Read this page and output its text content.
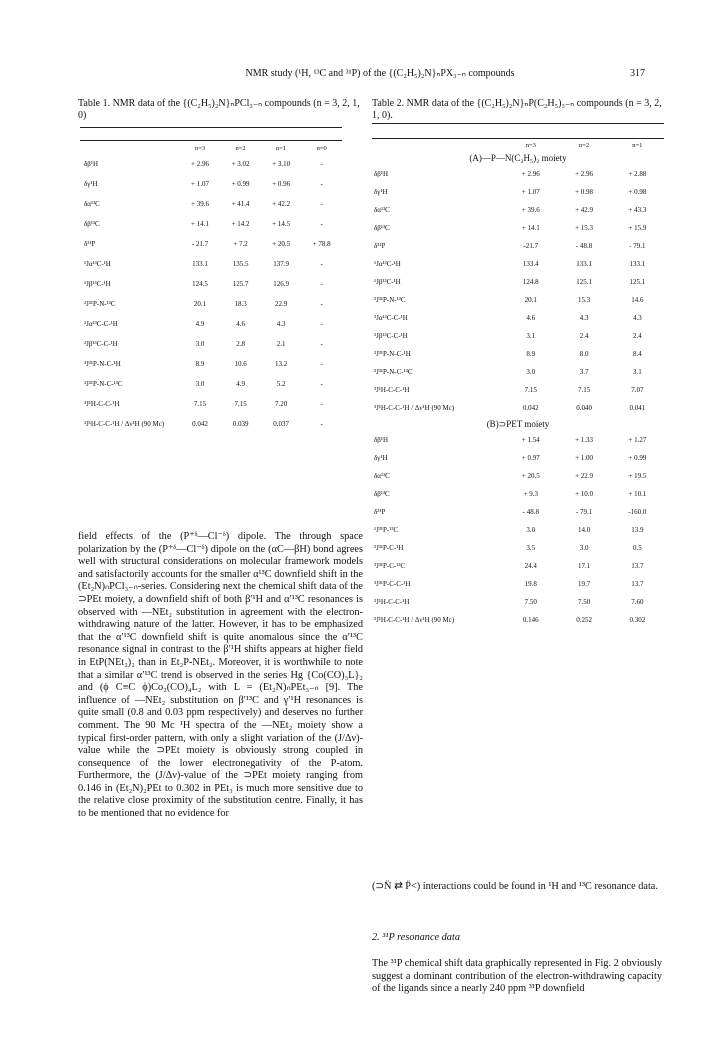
NMR study (¹H, ¹³C and ³¹P) of the {(C₂H₅)₂N}ₙPX₃₋ₙ compounds	317
Table 1. NMR data of the {(C₂H₅)₂N}ₙPCl₃₋ₙ compounds (n = 3, 2, 1, 0)
Table 2. NMR data of the {(C₂H₅)₂N}ₙP(C₂H₅)₃₋ₙ compounds (n = 3, 2, 1, 0).
	n=3	n=2	n=1	n=0
δβ¹H	+ 2.96	+ 3.02	+ 3.10	-
δγ¹H	+ 1.07	+ 0.99	+ 0.96	-
δα¹³C	+ 39.6	+ 41.4	+ 42.2	-
δβ¹³C	+ 14.1	+ 14.2	+ 14.5	-
δ³¹P	- 21.7	+ 7.2	+ 20.5	+ 78.8
¹Jα¹³C-¹H	133.1	135.5	137.9	-
¹Jβ¹³C-¹H	124.5	125.7	126.9	-
²J³¹P-N-¹³C	20.1	18.3	22.9	-
²Jα¹³C-C-¹H	4.9	4.6	4.3	-
²Jβ¹³C-C-¹H	3.0	2.8	2.1	-
³J³¹P-N-C-¹H	8.9	10.6	13.2	-
³J³¹P-N-C-¹³C	3.0	4.9	5.2	-
³J¹H-C-C-¹H	7.15	7.15	7.20	-
³J¹H-C-C-¹H / Δν¹H (90 Mc)	0.042	0.039	0.037	-
	n=3	n=2	n=1
(A)—P—N(C₂H₅)₂ moiety			
δβ¹H	+ 2.96	+ 2.96	+ 2.88
δγ¹H	+ 1.07	+ 0.98	+ 0.98
δα¹³C	+ 39.6	+ 42.9	+ 43.3
δβ¹³C	+ 14.1	+ 15.3	+ 15.9
δ³¹P	-21.7	- 48.8	- 79.1
¹Jα¹³C-¹H	133.4	133.1	133.1
¹Jβ¹³C-¹H	124.8	125.1	125.1
²J³¹P-N-¹³C	20.1	15.3	14.6
²Jα¹³C-C-¹H	4.6	4.3	4.3
²Jβ¹³C-C-¹H	3.1	2.4	2.4
³J³¹P-N-C-¹H	8.9	8.0	8.4
³J³¹P-N-C-¹³C	3.0	3.7	3.1
³J¹H-C-C-¹H	7.15	7.15	7.07
³J¹H-C-C-¹H / Δν¹H (90 Mc)	0.042	0.040	0.041
(B)⊃PET moiety			
δβ¹H	+ 1.54	+ 1.33	+ 1.27
δγ¹H	+ 0.97	+ 1.00	+ 0.99
δα¹³C	+ 20.5	+ 22.9	+ 19.5
δβ¹³C	+ 9.3	+ 10.0	+ 10.1
δ³¹P	- 48.8	- 79.1	-160.0
¹J³¹P-¹³C	3.0	14.0	13.9
²J³¹P-C-¹H	3.5	3.0	0.5
²J³¹P-C-¹³C	24.4	17.1	13.7
³J³¹P-C-C-¹H	19.8	19.7	13.7
³J¹H-C-C-¹H	7.50	7.50	7.60
³J¹H-C-C-¹H / Δν¹H (90 Mc)	0.146	0.252	0.302
field effects of the (P⁺ᵟ—Cl⁻ᵟ) dipole. The through space polarization by the (P⁺ᵟ—Cl⁻ᵟ) dipole on the (αC—βH) bond agrees well with structural considerations on molecular framework models and satisfactorily accounts for the smaller α¹³C downfield shift in the (Et₂N)ₙPCl₃₋ₙ-series. Considering next the chemical shift data of the ⊃PEt moiety, a downfield shift of both β′¹H and α′¹³C resonances is observed with —NEt₂ substitution in agreement with the electron-withdrawing nature of the latter. However, it has to be emphasized that the α′¹³C downfield shift is quite anomalous since the α′¹³C resonance signal in contrast to the β′¹H shifts appears at higher field in EtP(NEt₂)₂ than in Et₂P-NEt₂. Moreover, it is worthwhile to note that a similar α′¹³C trend is observed in the series Hg {Co(CO)₃L}₂ and (ϕ C≡C ϕ)Co₂(CO)₄L₂ with L = (Et₂N)ₙPEt₃₋ₙ [9]. The influence of —NEt₂ substitution on β′¹³C and γ′¹H resonances is quite small (0.8 and 0.03 ppm respectively) and deserves no further comment. The 90 Mc ¹H spectra of the —NEt₂ moiety show a typical first-order pattern, with only a slight variation of the (J/Δν)-value while the ⊃PEt moiety is obviously strong coupled in consequence of the lower electronegativity of the P-atom. Furthermore, the (J/Δν)-value of the ⊃PEt moiety ranging from 0.146 in (Et₂N)₂PEt to 0.302 in PEt₃ is much more sensitive due to the relative close proximity of the substitution centre. Finally, it has to be mentioned that no evidence for
(⊃N̈ ⇄ P̈<) interactions could be found in ¹H and ¹³C resonance data.
2. ³¹P resonance data
The ³¹P chemical shift data graphically represented in Fig. 2 obviously suggest a dominant contribution of the electron-withdrawing capacity of the ligands since a nearly 240 ppm ³¹P downfield
